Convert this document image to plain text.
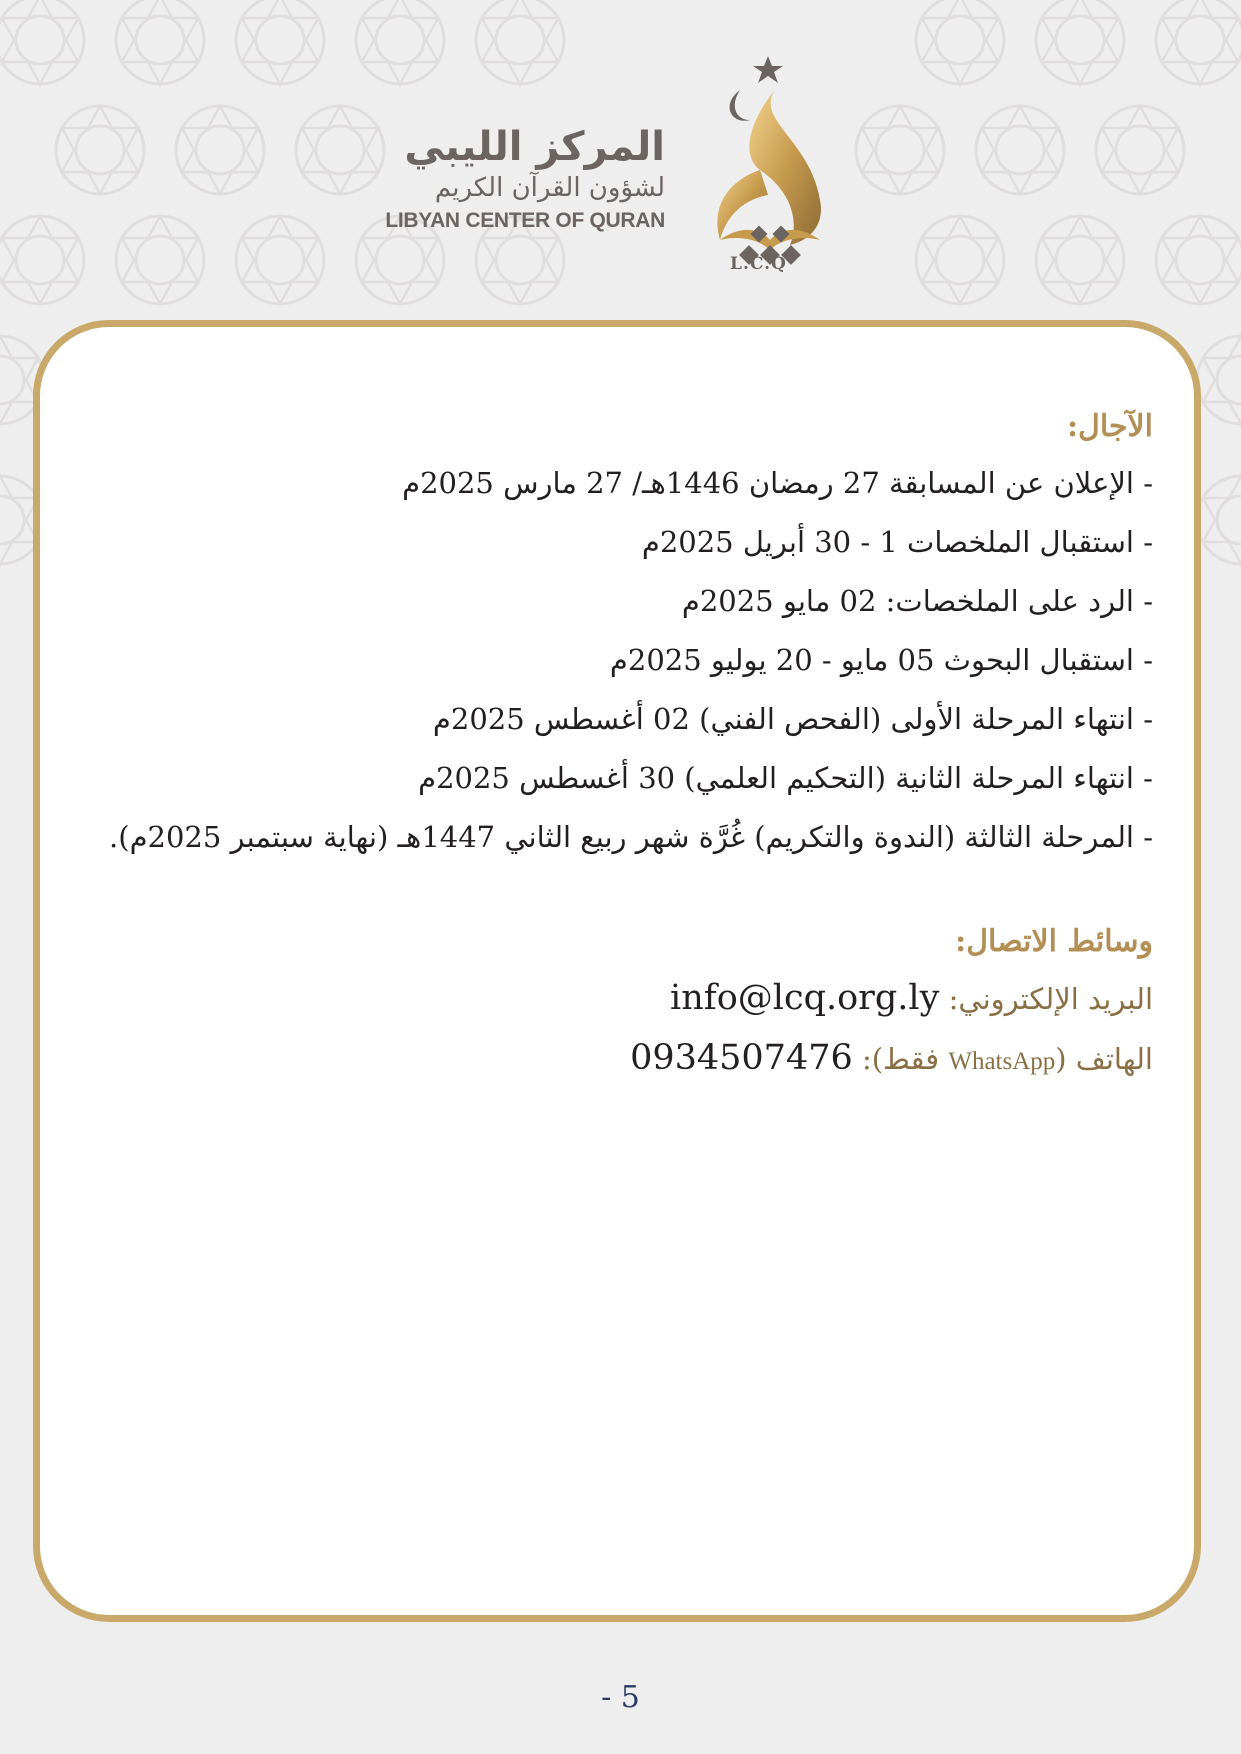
L.C.Q
المركز الليبي
لشؤون القرآن الكريم
LIBYAN CENTER OF QURAN
الآجال:
- الإعلان عن المسابقة 27 رمضان 1446هـ/ 27 مارس 2025م
- استقبال الملخصات 1 - 30 أبريل 2025م
- الرد على الملخصات: 02 مايو 2025م
- استقبال البحوث 05 مايو - 20 يوليو 2025م
- انتهاء المرحلة الأولى (الفحص الفني) 02 أغسطس 2025م
- انتهاء المرحلة الثانية (التحكيم العلمي) 30 أغسطس 2025م
- المرحلة الثالثة (الندوة والتكريم) غُرَّة شهر ربيع الثاني 1447هـ (نهاية سبتمبر 2025م).
وسائط الاتصال:
البريد الإلكتروني: info@lcq.org.ly
الهاتف (WhatsApp فقط): 0934507476
- 5
